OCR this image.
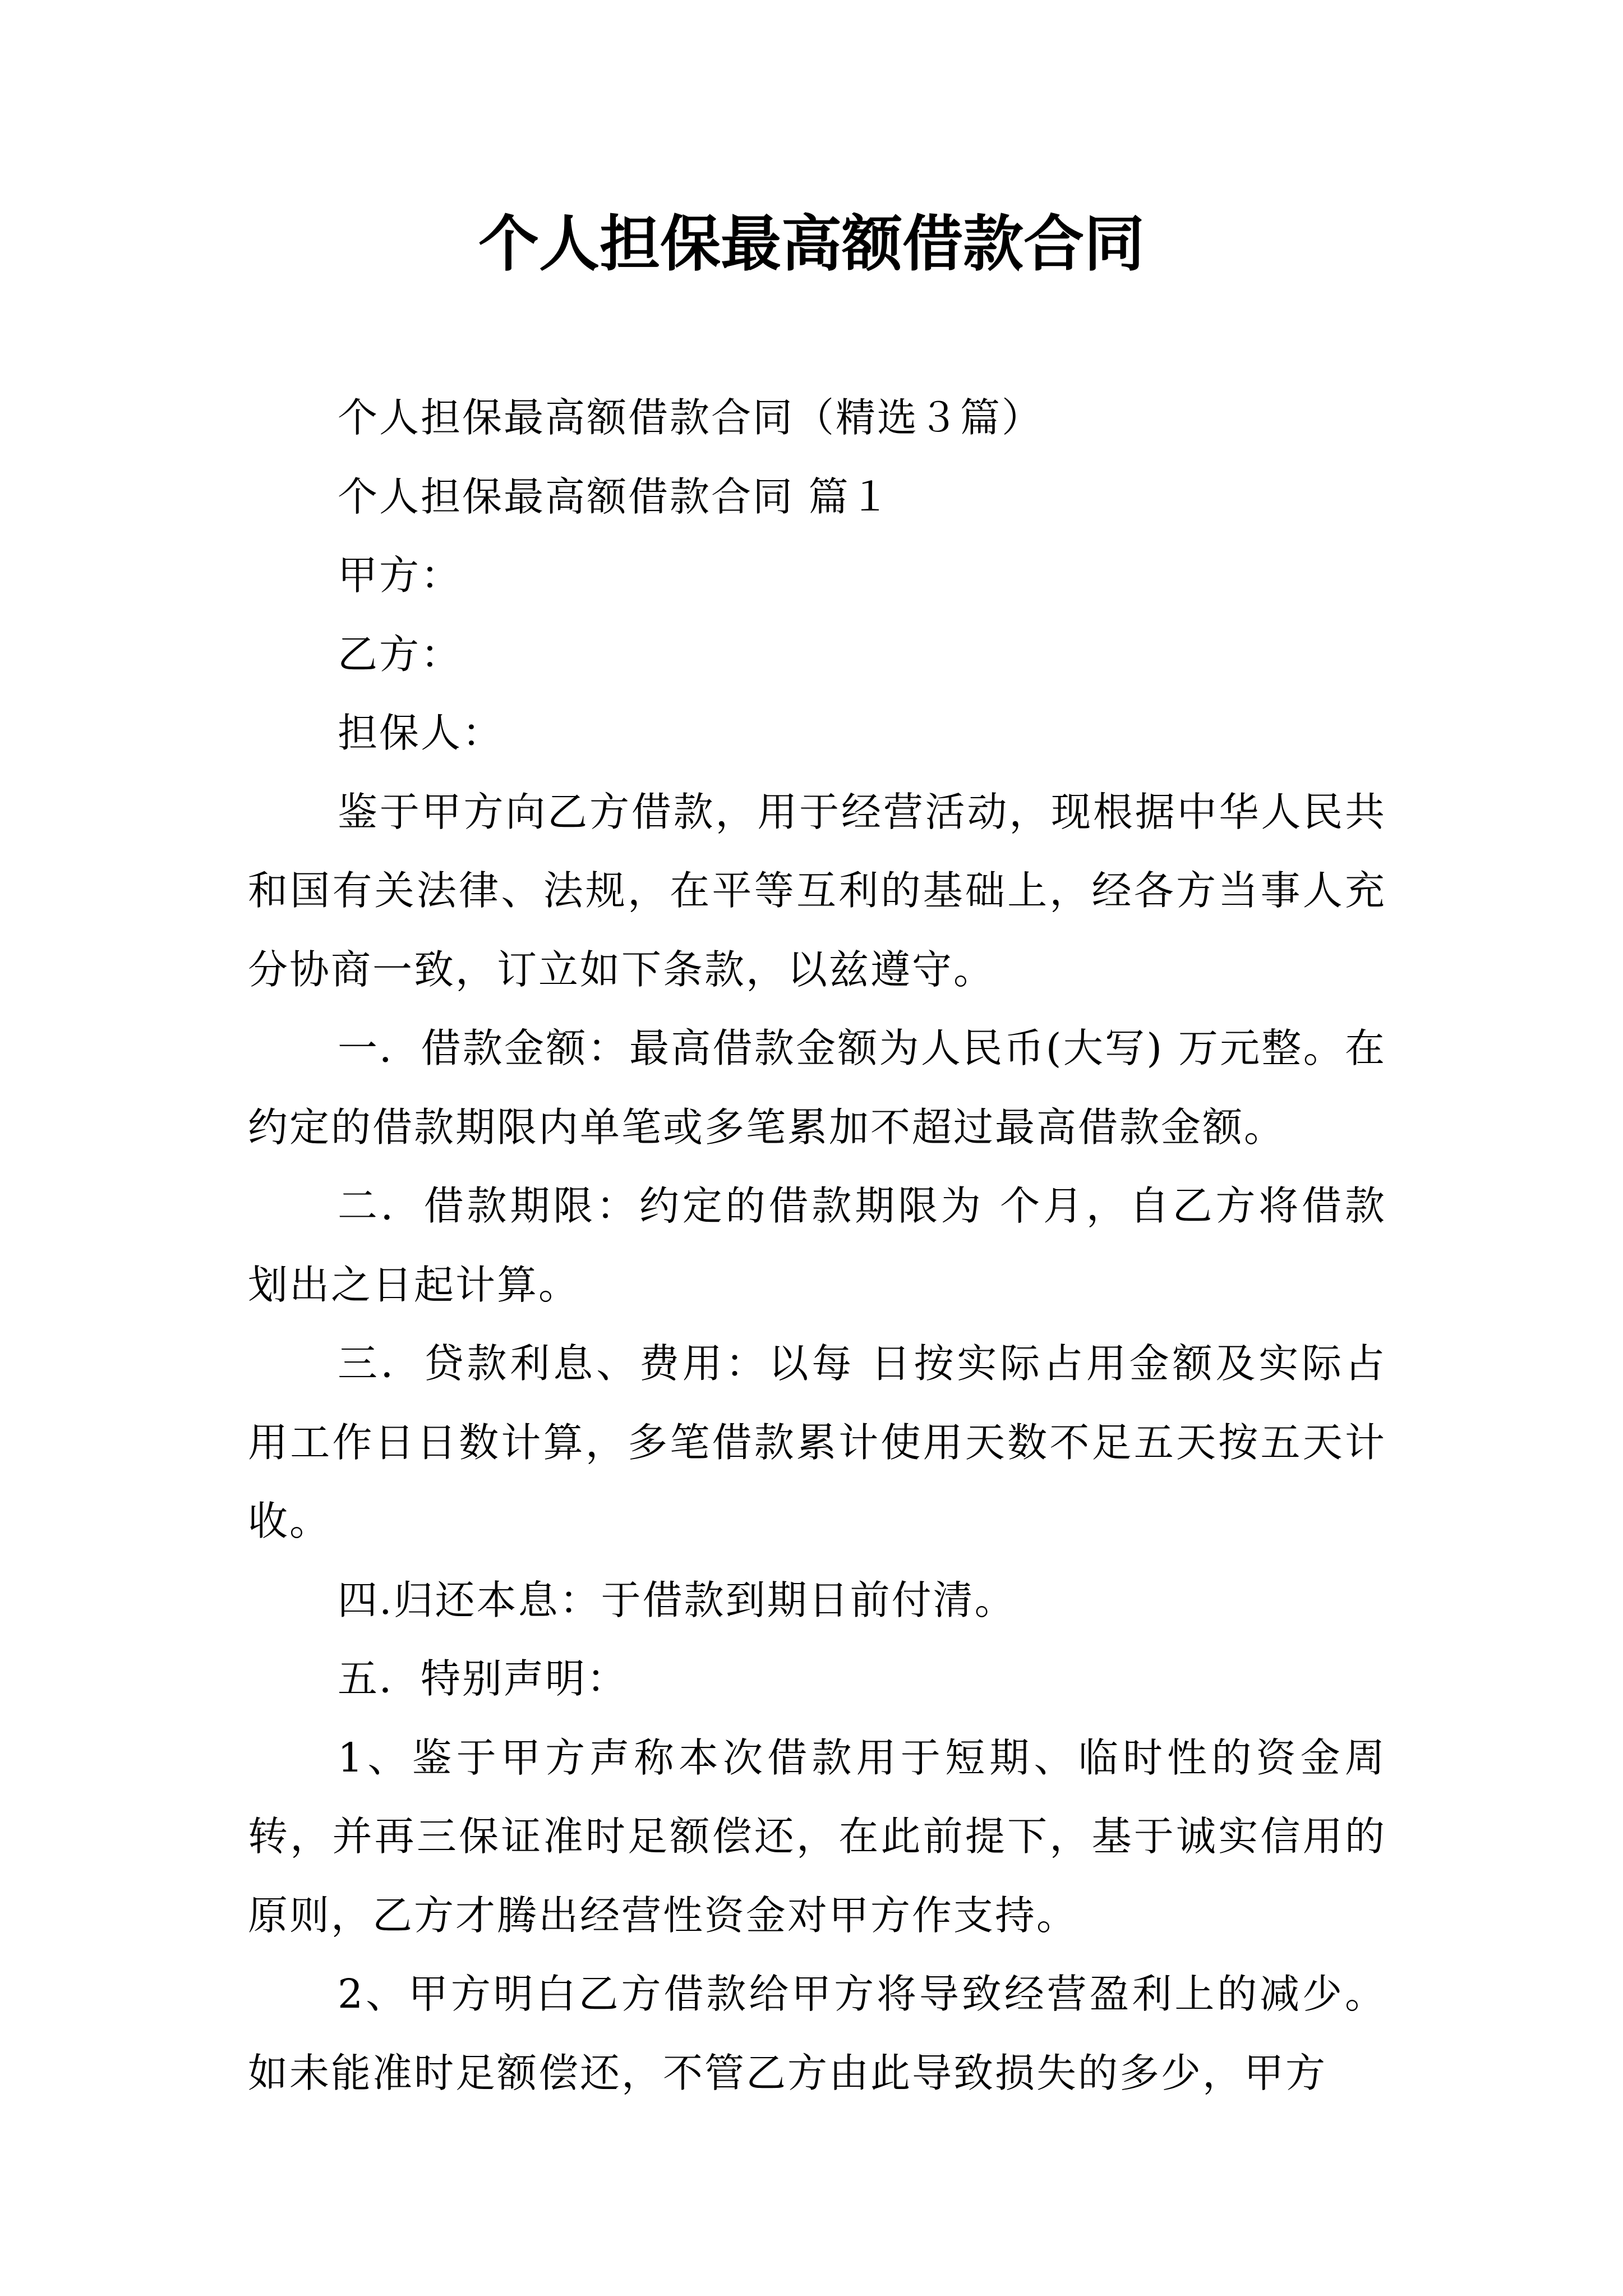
个人担保最高额借款合同

个人担保最高额借款合同（精选３篇）

个人担保最高额借款合同 篇１

甲方：

乙方：

担保人：

鉴于甲方向乙方借款，用于经营活动，现根据中华人民共和国有关法律、法规，在平等互利的基础上，经各方当事人充分协商一致，订立如下条款，以兹遵守。

一．借款金额：最高借款金额为人民币(大写) 万元整。在约定的借款期限内单笔或多笔累加不超过最高借款金额。

二．借款期限：约定的借款期限为 个月，自乙方将借款划出之日起计算。

三．贷款利息、费用：以每 日按实际占用金额及实际占用工作日日数计算，多笔借款累计使用天数不足五天按五天计收。

四.归还本息：于借款到期日前付清。

五．特别声明：

1、鉴于甲方声称本次借款用于短期、临时性的资金周转，并再三保证准时足额偿还，在此前提下，基于诚实信用的原则，乙方才腾出经营性资金对甲方作支持。

2、甲方明白乙方借款给甲方将导致经营盈利上的减少。如未能准时足额偿还，不管乙方由此导致损失的多少，甲方
